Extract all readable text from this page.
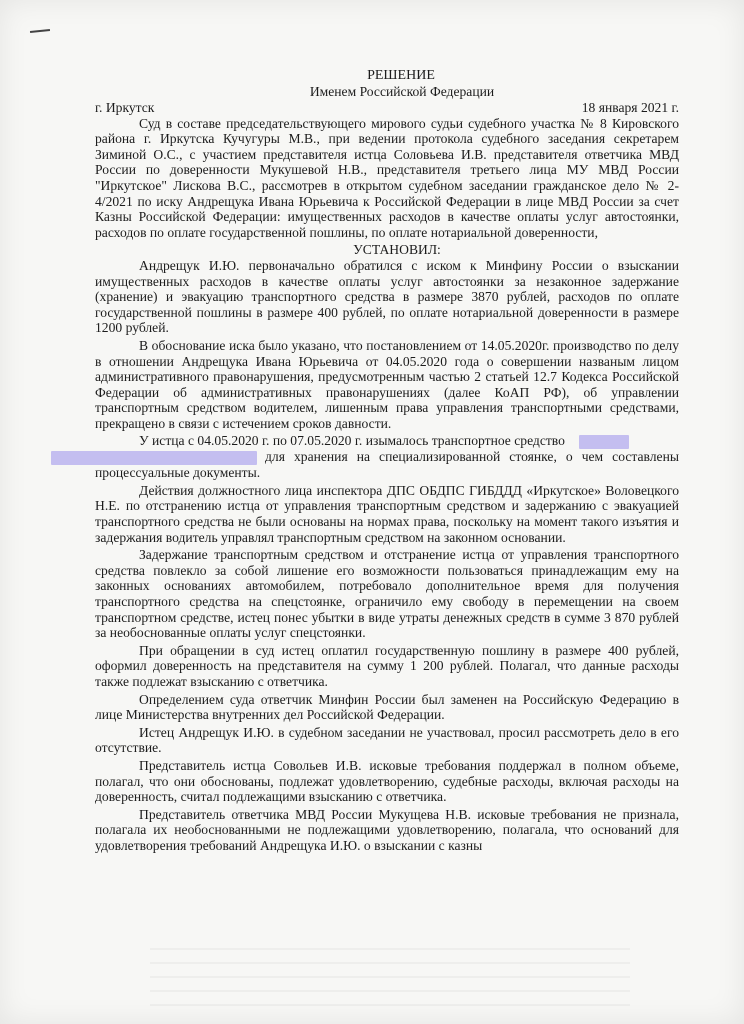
РЕШЕНИЕ
Именем Российской Федерации
г. Иркутск	18 января 2021 г.

Суд в составе председательствующего мирового судьи судебного участка № 8 Кировского района г. Иркутска Кучугуры М.В., при ведении протокола судебного заседания секретарем Зиминой О.С., с участием представителя истца Соловьева И.В. представителя ответчика МВД России по доверенности Мукушевой Н.В., представителя третьего лица МУ МВД России "Иркутское" Лискова В.С., рассмотрев в открытом судебном заседании гражданское дело № 2-4/2021 по иску Андрещука Ивана Юрьевича к Российской Федерации в лице МВД России за счет Казны Российской Федерации: имущественных расходов в качестве оплаты услуг автостоянки, расходов по оплате государственной пошлины, по оплате нотариальной доверенности,

УСТАНОВИЛ:

Андрещук И.Ю. первоначально обратился с иском к Минфину России о взыскании имущественных расходов в качестве оплаты услуг автостоянки за незаконное задержание (хранение) и эвакуацию транспортного средства в размере 3870 рублей, расходов по оплате государственной пошлины в размере 400 рублей, по оплате нотариальной доверенности в размере 1200 рублей.

В обоснование иска было указано, что постановлением от 14.05.2020г. производство по делу в отношении Андрещука Ивана Юрьевича от 04.05.2020 года о совершении названым лицом административного правонарушения, предусмотренным частью 2 статьей 12.7 Кодекса Российской Федерации об административных правонарушениях (далее КоАП РФ), об управлении транспортным средством водителем, лишенным права управления транспортными средствами, прекращено в связи с истечением сроков давности.

У истца с 04.05.2020 г. по 07.05.2020 г. изымалось транспортное средство
для хранения на специализированной стоянке, о чем составлены процессуальные документы.

Действия должностного лица инспектора ДПС ОБДПС ГИБДДД «Иркутское» Воловецкого Н.Е. по отстранению истца от управления транспортным средством и задержанию с эвакуацией транспортного средства не были основаны на нормах права, поскольку на момент такого изъятия и задержания водитель управлял транспортным средством на законном основании.

Задержание транспортным средством и отстранение истца от управления транспортного средства повлекло за собой лишение его возможности пользоваться принадлежащим ему на законных основаниях автомобилем, потребовало дополнительное время для получения транспортного средства на спецстоянке, ограничило ему свободу в перемещении на своем транспортном средстве, истец понес убытки в виде утраты денежных средств в сумме 3 870 рублей за необоснованные оплаты услуг спецстоянки.

При обращении в суд истец оплатил государственную пошлину в размере 400 рублей, оформил доверенность на представителя на сумму 1 200 рублей. Полагал, что данные расходы также подлежат взысканию с ответчика.

Определением суда ответчик Минфин России был заменен на Российскую Федерацию в лице Министерства внутренних дел Российской Федерации.

Истец Андрещук И.Ю. в судебном заседании не участвовал, просил рассмотреть дело в его отсутствие.

Представитель истца Совольев И.В. исковые требования поддержал в полном объеме, полагал, что они обоснованы, подлежат удовлетворению, судебные расходы, включая расходы на доверенность, считал подлежащими взысканию с ответчика.

Представитель ответчика МВД России Мукущева Н.В. исковые требования не признала, полагала их необоснованными не подлежащими удовлетворению, полагала, что оснований для удовлетворения требований Андрещука И.Ю. о взыскании с казны
